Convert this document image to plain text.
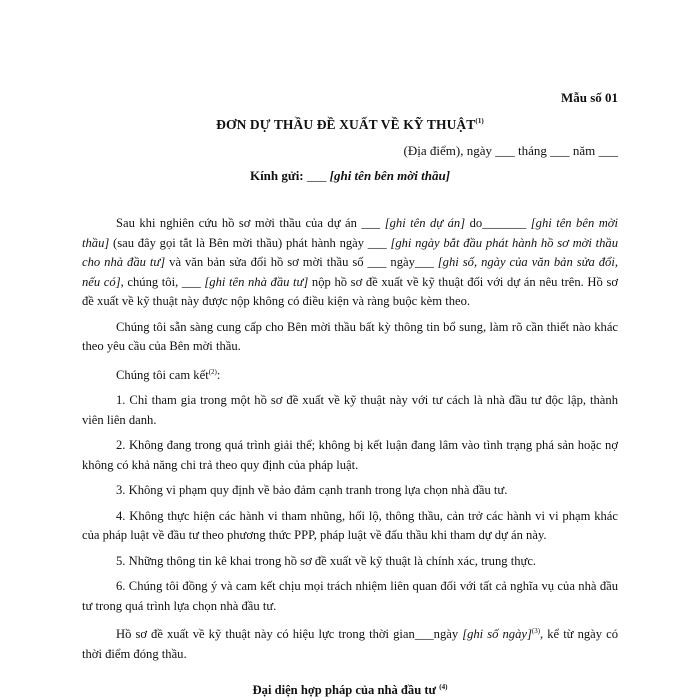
Mẫu số 01
ĐƠN DỰ THẦU ĐỀ XUẤT VỀ KỸ THUẬT$^{(1)}$
(Địa điểm), ngày ___ tháng ___ năm ___
Kính gửi: ___ [ghi tên bên mời thầu]

Sau khi nghiên cứu hồ sơ mời thầu của dự án ___ [ghi tên dự án] do_______ [ghi tên bên mời thầu] (sau đây gọi tắt là Bên mời thầu) phát hành ngày ___ [ghi ngày bắt đầu phát hành hồ sơ mời thầu cho nhà đầu tư] và văn bản sửa đổi hồ sơ mời thầu số ___ ngày___ [ghi số, ngày của văn bản sửa đổi, nếu có], chúng tôi, ___ [ghi tên nhà đầu tư] nộp hồ sơ đề xuất về kỹ thuật đối với dự án nêu trên. Hồ sơ đề xuất về kỹ thuật này được nộp không có điều kiện và ràng buộc kèm theo.

Chúng tôi sẵn sàng cung cấp cho Bên mời thầu bất kỳ thông tin bổ sung, làm rõ cần thiết nào khác theo yêu cầu của Bên mời thầu.

Chúng tôi cam kết$^{(2)}$:

1. Chỉ tham gia trong một hồ sơ đề xuất về kỹ thuật này với tư cách là nhà đầu tư độc lập, thành viên liên danh.

2. Không đang trong quá trình giải thể; không bị kết luận đang lâm vào tình trạng phá sản hoặc nợ không có khả năng chi trả theo quy định của pháp luật.

3. Không vi phạm quy định về bảo đảm cạnh tranh trong lựa chọn nhà đầu tư.

4. Không thực hiện các hành vi tham nhũng, hối lộ, thông thầu, cản trở các hành vi vi phạm khác của pháp luật về đầu tư theo phương thức PPP, pháp luật về đấu thầu khi tham dự dự án này.

5. Những thông tin kê khai trong hồ sơ đề xuất về kỹ thuật là chính xác, trung thực.

6. Chúng tôi đồng ý và cam kết chịu mọi trách nhiệm liên quan đối với tất cả nghĩa vụ của nhà đầu tư trong quá trình lựa chọn nhà đầu tư.

Hồ sơ đề xuất về kỹ thuật này có hiệu lực trong thời gian___ngày [ghi số ngày]$^{(3)}$, kể từ ngày có thời điểm đóng thầu.

Đại diện hợp pháp của nhà đầu tư $^{(4)}$
